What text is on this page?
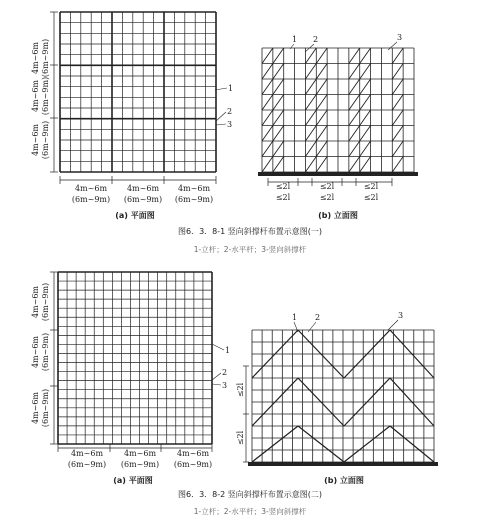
4m~6m (6m~9m)
4m~6m (6m~9m)
4m~6m (6m~9m)
4m~6m
(6m~9m)
4m~6m
(6m~9m)
4m~6m
(6m~9m)
1
2
3
1 2	3
≤2l
≤2l
≤2l
≤2l
≤2l
≤2l
(a) 平面图	(b) 立面图
图6．3．8-1 竖向斜撑杆布置示意图(一)
1-立杆；2-水平杆；3-竖向斜撑杆
4m~6m (6m~9m)
4m~6m (6m~9m)
4m~6m (6m~9m)
4m~6m
(6m~9m)
4m~6m
(6m~9m)
4m~6m
(6m~9m)
1
2
3
1 2	3
≤2l
≤2l
(a) 平面图	(b) 立面图
图6．3．8-2 竖向斜撑杆布置示意图(二)
1-立杆；2-水平杆；3-竖向斜撑杆
